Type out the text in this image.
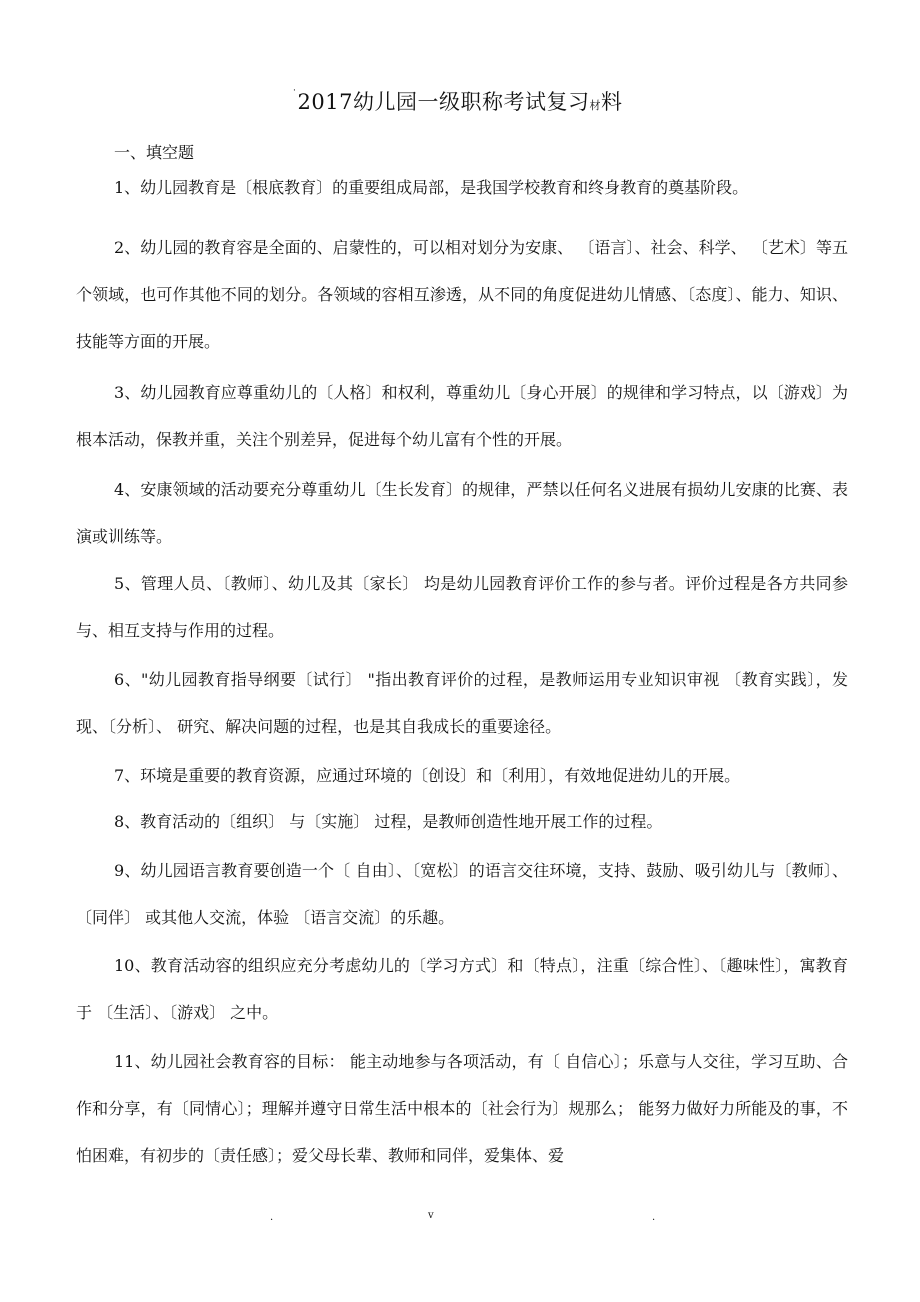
· 2017幼儿园一级职称考试复习材料
一、填空题

1、幼儿园教育是〔根底教育〕的重要组成局部，是我国学校教育和终身教育的奠基阶段。

2、幼儿园的教育容是全面的、启蒙性的，可以相对划分为安康、 〔语言〕、社会、科学、 〔艺术〕等五个领域，也可作其他不同的划分。各领域的容相互渗透，从不同的角度促进幼儿情感、〔态度〕、能力、知识、技能等方面的开展。

3、幼儿园教育应尊重幼儿的〔人格〕和权利，尊重幼儿〔身心开展〕的规律和学习特点，以〔游戏〕为根本活动，保教并重，关注个别差异，促进每个幼儿富有个性的开展。

4、安康领域的活动要充分尊重幼儿〔生长发育〕的规律，严禁以任何名义进展有损幼儿安康的比赛、表演或训练等。

5、管理人员、〔教师〕、幼儿及其〔家长〕 均是幼儿园教育评价工作的参与者。评价过程是各方共同参与、相互支持与作用的过程。

6、"幼儿园教育指导纲要〔试行〕 "指出教育评价的过程，是教师运用专业知识审视 〔教育实践〕，发现、〔分析〕、 研究、解决问题的过程，也是其自我成长的重要途径。

7、环境是重要的教育资源，应通过环境的〔创设〕和〔利用〕，有效地促进幼儿的开展。

8、教育活动的〔组织〕 与〔实施〕 过程，是教师创造性地开展工作的过程。

9、幼儿园语言教育要创造一个〔 自由〕、〔宽松〕的语言交往环境，支持、鼓励、吸引幼儿与〔教师〕、〔同伴〕 或其他人交流，体验 〔语言交流〕的乐趣。

10、教育活动容的组织应充分考虑幼儿的〔学习方式〕和〔特点〕，注重〔综合性〕、〔趣味性〕，寓教育于 〔生活〕、〔游戏〕 之中。

11、幼儿园社会教育容的目标： 能主动地参与各项活动，有〔 自信心〕；乐意与人交往，学习互助、合作和分享，有〔同情心〕；理解并遵守日常生活中根本的〔社会行为〕规那么； 能努力做好力所能及的事，不怕困难，有初步的〔责任感〕；爱父母长辈、教师和同伴，爱集体、爱

.	v	.
